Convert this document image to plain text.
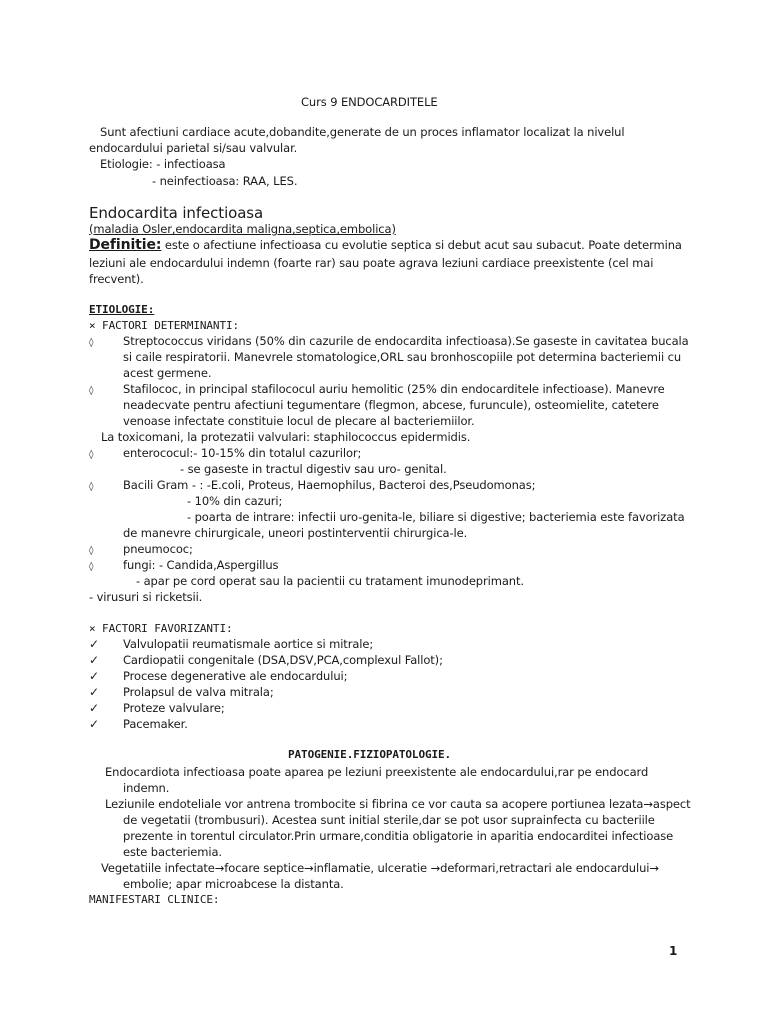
Curs 9 ENDOCARDITELE
Sunt afectiuni cardiace acute,dobandite,generate de un proces inflamator localizat la nivelul
endocardului parietal si/sau valvular.
Etiologie: - infectioasa
- neinfectioasa: RAA, LES.
Endocardita infectioasa
(maladia Osler,endocardita maligna,septica,embolica)
Definitie: este o afectiune infectioasa cu evolutie septica si debut acut sau subacut. Poate determina
leziuni ale endocardului indemn (foarte rar) sau poate agrava leziuni cardiace preexistente (cel mai
frecvent).
ETIOLOGIE:
× FACTORI DETERMINANTI:
◊	Streptococcus viridans (50% din cazurile de endocardita infectioasa).Se gaseste in cavitatea bucala
si caile respiratorii. Manevrele stomatologice,ORL sau bronhoscopiile pot determina bacteriemii cu
acest germene.
◊	Stafilococ, in principal stafilococul auriu hemolitic (25% din endocarditele infectioase). Manevre
neadecvate pentru afectiuni tegumentare (flegmon, abcese, furuncule), osteomielite, catetere
venoase infectate constituie locul de plecare al bacteriemiilor.
La toxicomani, la protezatii valvulari: staphilococcus epidermidis.
◊	enterococul:- 10-15% din totalul cazurilor;
- se gaseste in tractul digestiv sau uro- genital.
◊	Bacili Gram - : -E.coli, Proteus, Haemophilus, Bacteroi des,Pseudomonas;
- 10% din cazuri;
- poarta de intrare: infectii uro-genita-le, biliare si digestive; bacteriemia este favorizata
de manevre chirurgicale, uneori postinterventii chirurgica-le.
◊	pneumococ;
◊	fungi: - Candida,Aspergillus
- apar pe cord operat sau la pacientii cu tratament imunodeprimant.
- virusuri si ricketsii.
× FACTORI FAVORIZANTI:
✓ Valvulopatii reumatismale aortice si mitrale;
✓ Cardiopatii congenitale (DSA,DSV,PCA,complexul Fallot);
✓ Procese degenerative ale endocardului;
✓ Prolapsul de valva mitrala;
✓ Proteze valvulare;
✓ Pacemaker.
PATOGENIE.FIZIOPATOLOGIE.
Endocardiota infectioasa poate aparea pe leziuni preexistente ale endocardului,rar pe endocard
indemn.
Leziunile endoteliale vor antrena trombocite si fibrina ce vor cauta sa acopere portiunea lezata→aspect
de vegetatii (trombusuri). Acestea sunt initial sterile,dar se pot usor suprainfecta cu bacteriile
prezente in torentul circulator.Prin urmare,conditia obligatorie in aparitia endocarditei infectioase
este bacteriemia.
Vegetatiile infectate→focare septice→inflamatie, ulceratie →deformari,retractari ale endocardului→
embolie; apar microabcese la distanta.
MANIFESTARI CLINICE:
1
